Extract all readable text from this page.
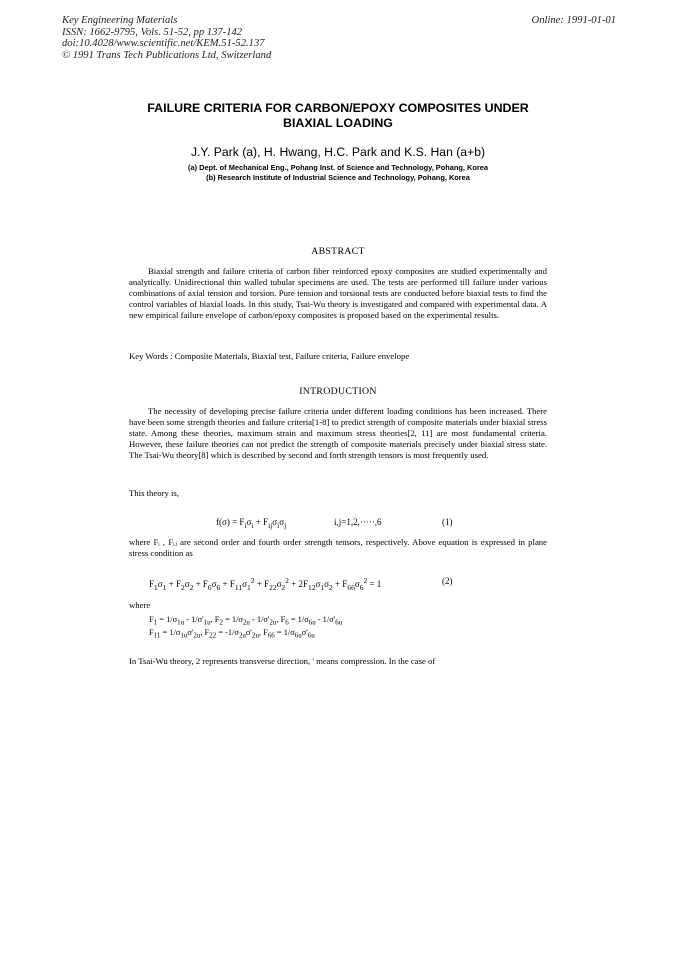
Key Engineering Materials
ISSN: 1662-9795, Vols. 51-52, pp 137-142
doi:10.4028/www.scientific.net/KEM.51-52.137
© 1991 Trans Tech Publications Ltd, Switzerland
Online: 1991-01-01
FAILURE CRITERIA FOR CARBON/EPOXY COMPOSITES UNDER
BIAXIAL LOADING
J.Y. Park (a), H. Hwang, H.C. Park and K.S. Han (a+b)
(a) Dept. of Mechanical Eng., Pohang Inst. of Science and Technology, Pohang, Korea
(b) Research Institute of Industrial Science and Technology, Pohang, Korea
ABSTRACT

Biaxial strength and failure criteria of carbon fiber reinforced epoxy composites are studied experimentally and analytically. Unidirectional thin walled tubular specimens are used. The tests are performed till failure under various combinations of axial tension and torsion. Pure tension and torsional tests are conducted before biaxial tests to find the control variables of biaxial loads. In this study, Tsai-Wu theory is investigated and compared with experimental data. A new empirical failure envelope of carbon/epoxy composites is proposed based on the experimental results.

Key Words : Composite Materials, Biaxial test, Failure criteria, Failure envelope
INTRODUCTION

The necessity of developing precise failure criteria under different loading conditions has been increased. There have been some strength theories and failure criteria[1-8] to predict strength of composite materials under biaxial stress state. Among these theories, maximum strain and maximum stress theories[2, 11] are most fundamental criteria. However, these failure theories can not predict the strength of composite materials precisely under biaxial stress state. The Tsai-Wu theory[8] which is described by second and forth strength tensors is most frequently used.

This theory is,
$f(\sigma) = F_i\sigma_i + F_{ij}\sigma_i\sigma_j$	i,j=1,2,·····,6	(1)
where Fᵢ , Fᵢⱼ are second order and fourth order strength tensors, respectively. Above equation is expressed in plane stress condition as
$F_1\sigma_1 + F_2\sigma_2 + F_6\sigma_6 + F_{11}\sigma_1^2 + F_{22}\sigma_2^2 + 2F_{12}\sigma_1\sigma_2 + F_{66}\sigma_6^2 = 1$	(2)
where
$F_1 = 1/\sigma_{1u} - 1/\sigma'_{1u}$, $F_2 = 1/\sigma_{2u} - 1/\sigma'_{2u}$, $F_6 = 1/\sigma_{6u} - 1/\sigma'_{6u}$
$F_{11} = 1/\sigma_{1u}\sigma'_{2u}$, $F_{22} = -1/\sigma_{2u}\sigma'_{2u}$, $F_{66} = 1/\sigma_{6u}\sigma'_{6u}$
In Tsai-Wu theory, 2 represents transverse direction, ' means compression. In the case of
